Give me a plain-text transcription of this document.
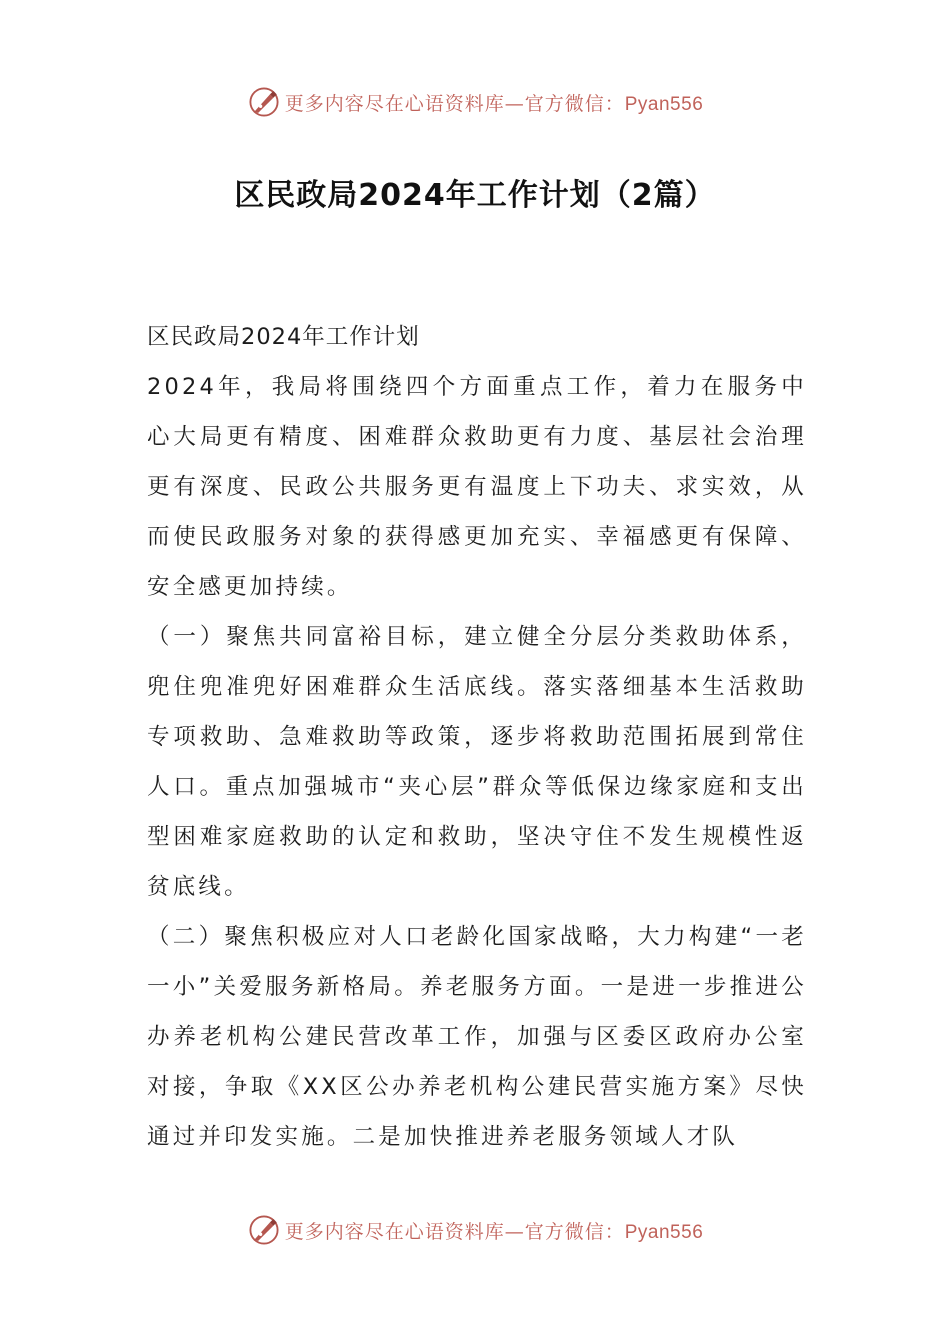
更多内容尽在心语资料库—官方微信：Pyan556
区民政局2024年工作计划（2篇）

区民政局2024年工作计划

2024年，我局将围绕四个方面重点工作，着力在服务中心大局更有精度、困难群众救助更有力度、基层社会治理更有深度、民政公共服务更有温度上下功夫、求实效，从而使民政服务对象的获得感更加充实、幸福感更有保障、安全感更加持续。

（一）聚焦共同富裕目标，建立健全分层分类救助体系，兜住兜准兜好困难群众生活底线。落实落细基本生活救助专项救助、急难救助等政策，逐步将救助范围拓展到常住人口。重点加强城市“夹心层”群众等低保边缘家庭和支出型困难家庭救助的认定和救助，坚决守住不发生规模性返贫底线。

（二）聚焦积极应对人口老龄化国家战略，大力构建“一老一小”关爱服务新格局。养老服务方面。一是进一步推进公办养老机构公建民营改革工作，加强与区委区政府办公室对接，争取《XX区公办养老机构公建民营实施方案》尽快通过并印发实施。二是加快推进养老服务领域人才队

更多内容尽在心语资料库—官方微信：Pyan556
